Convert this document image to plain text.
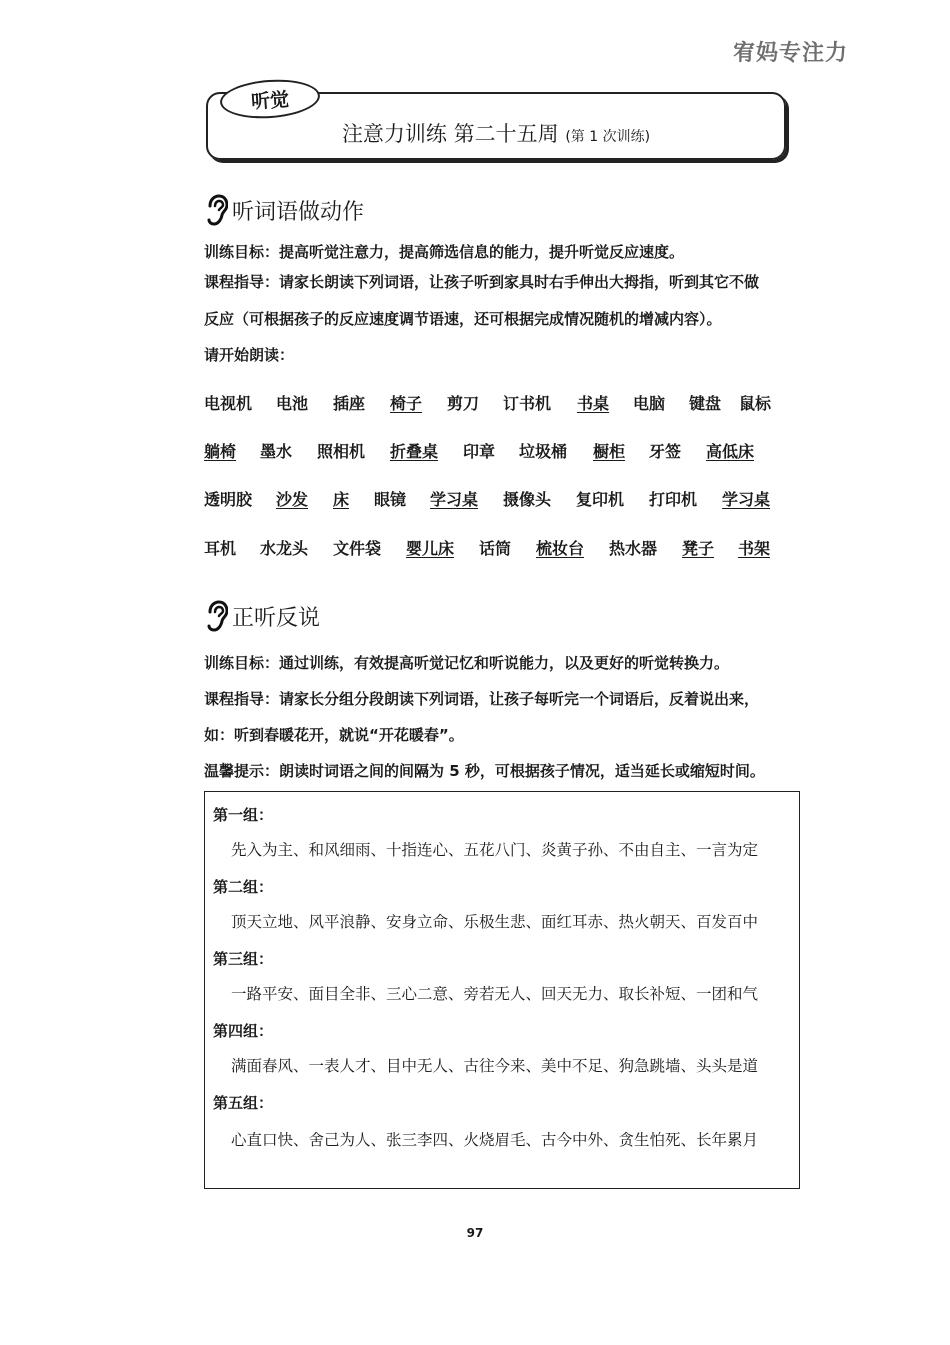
宥妈专注力
听觉
注意力训练 第二十五周 (第 1 次训练)
听词语做动作
训练目标：提高听觉注意力，提高筛选信息的能力，提升听觉反应速度。
课程指导：请家长朗读下列词语，让孩子听到家具时右手伸出大拇指，听到其它不做
反应（可根据孩子的反应速度调节语速，还可根据完成情况随机的增减内容）。
请开始朗读：
电视机 电池 插座 椅子 剪刀 订书机 书桌 电脑 键盘 鼠标
躺椅 墨水 照相机 折叠桌 印章 垃圾桶 橱柜 牙签 高低床
透明胶 沙发 床 眼镜 学习桌 摄像头 复印机 打印机 学习桌
耳机 水龙头 文件袋 婴儿床 话筒 梳妆台 热水器 凳子 书架
正听反说
训练目标：通过训练，有效提高听觉记忆和听说能力，以及更好的听觉转换力。
课程指导：请家长分组分段朗读下列词语，让孩子每听完一个词语后，反着说出来，
如：听到春暖花开，就说“开花暖春”。
温馨提示：朗读时词语之间的间隔为 5 秒，可根据孩子情况，适当延长或缩短时间。
第一组：
先入为主、和风细雨、十指连心、五花八门、炎黄子孙、不由自主、一言为定
第二组：
顶天立地、风平浪静、安身立命、乐极生悲、面红耳赤、热火朝天、百发百中
第三组：
一路平安、面目全非、三心二意、旁若无人、回天无力、取长补短、一团和气
第四组：
满面春风、一表人才、目中无人、古往今来、美中不足、狗急跳墙、头头是道
第五组：
心直口快、舍己为人、张三李四、火烧眉毛、古今中外、贪生怕死、长年累月
97
